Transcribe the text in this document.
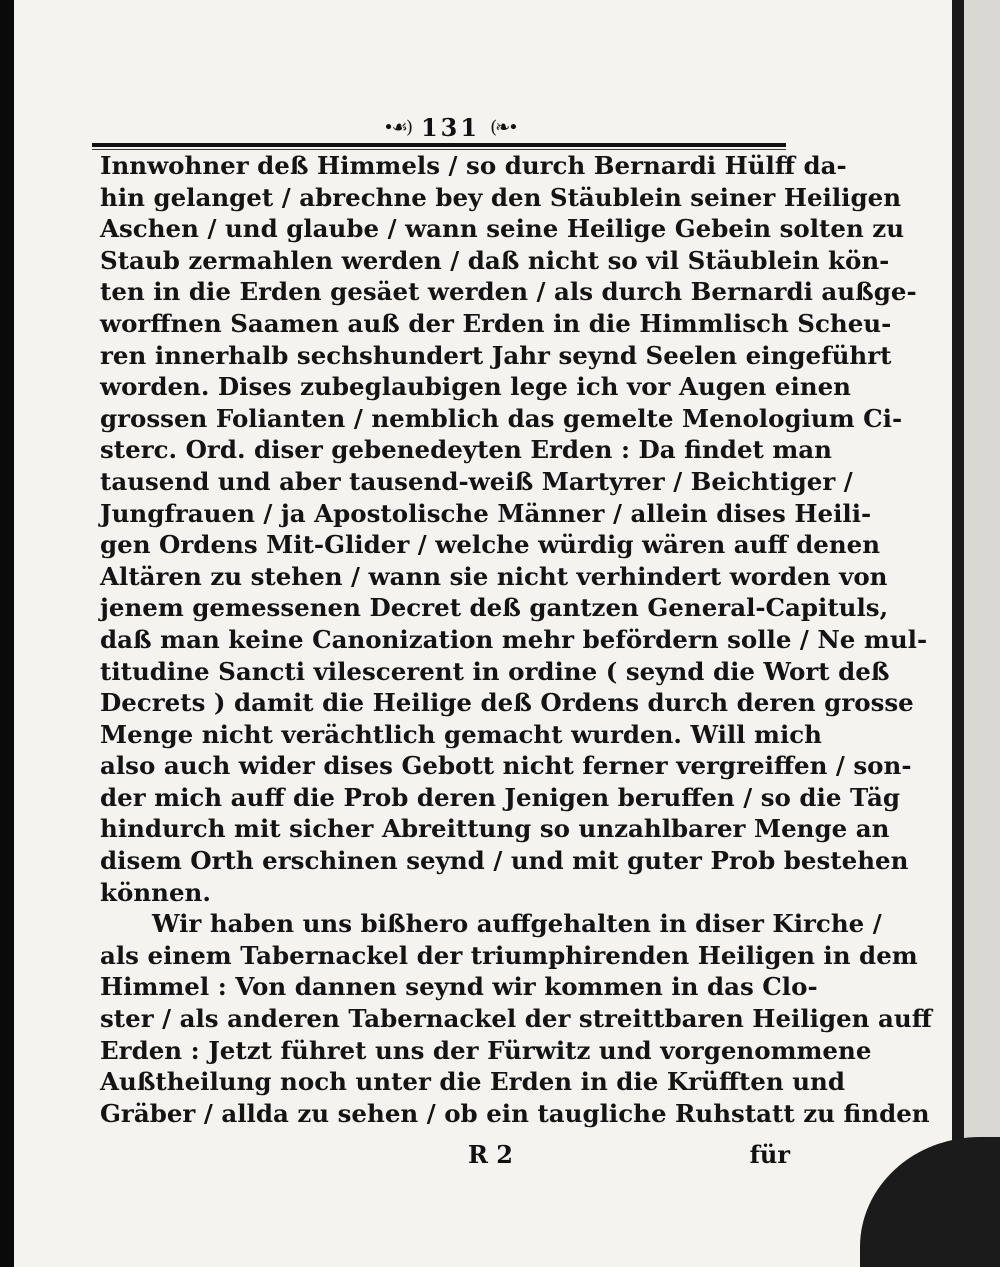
•☙) 131 (❧•
Innwohner deß Himmels / so durch Bernardi Hülff da-
hin gelanget / abrechne bey den Stäublein seiner Heiligen
Aschen / und glaube / wann seine Heilige Gebein solten zu
Staub zermahlen werden / daß nicht so vil Stäublein kön-
ten in die Erden gesäet werden / als durch Bernardi außge-
worffnen Saamen auß der Erden in die Himmlisch Scheu-
ren innerhalb sechshundert Jahr seynd Seelen eingeführt
worden. Dises zubeglaubigen lege ich vor Augen einen
grossen Folianten / nemblich das gemelte Menologium Ci-
sterc. Ord. diser gebenedeyten Erden : Da findet man
tausend und aber tausend-weiß Martyrer / Beichtiger /
Jungfrauen / ja Apostolische Männer / allein dises Heili-
gen Ordens Mit-Glider / welche würdig wären auff denen
Altären zu stehen / wann sie nicht verhindert worden von
jenem gemessenen Decret deß gantzen General-Capituls,
daß man keine Canonization mehr befördern solle / Ne mul-
titudine Sancti vilescerent in ordine ( seynd die Wort deß
Decrets ) damit die Heilige deß Ordens durch deren grosse
Menge nicht verächtlich gemacht wurden. Will mich
also auch wider dises Gebott nicht ferner vergreiffen / son-
der mich auff die Prob deren Jenigen beruffen / so die Täg
hindurch mit sicher Abreittung so unzahlbarer Menge an
disem Orth erschinen seynd / und mit guter Prob bestehen
können.
Wir haben uns bißhero auffgehalten in diser Kirche /
als einem Tabernackel der triumphirenden Heiligen in dem
Himmel : Von dannen seynd wir kommen in das Clo-
ster / als anderen Tabernackel der streittbaren Heiligen auff
Erden : Jetzt führet uns der Fürwitz und vorgenommene
Außtheilung noch unter die Erden in die Krüfften und
Gräber / allda zu sehen / ob ein taugliche Ruhstatt zu finden
R 2	für
